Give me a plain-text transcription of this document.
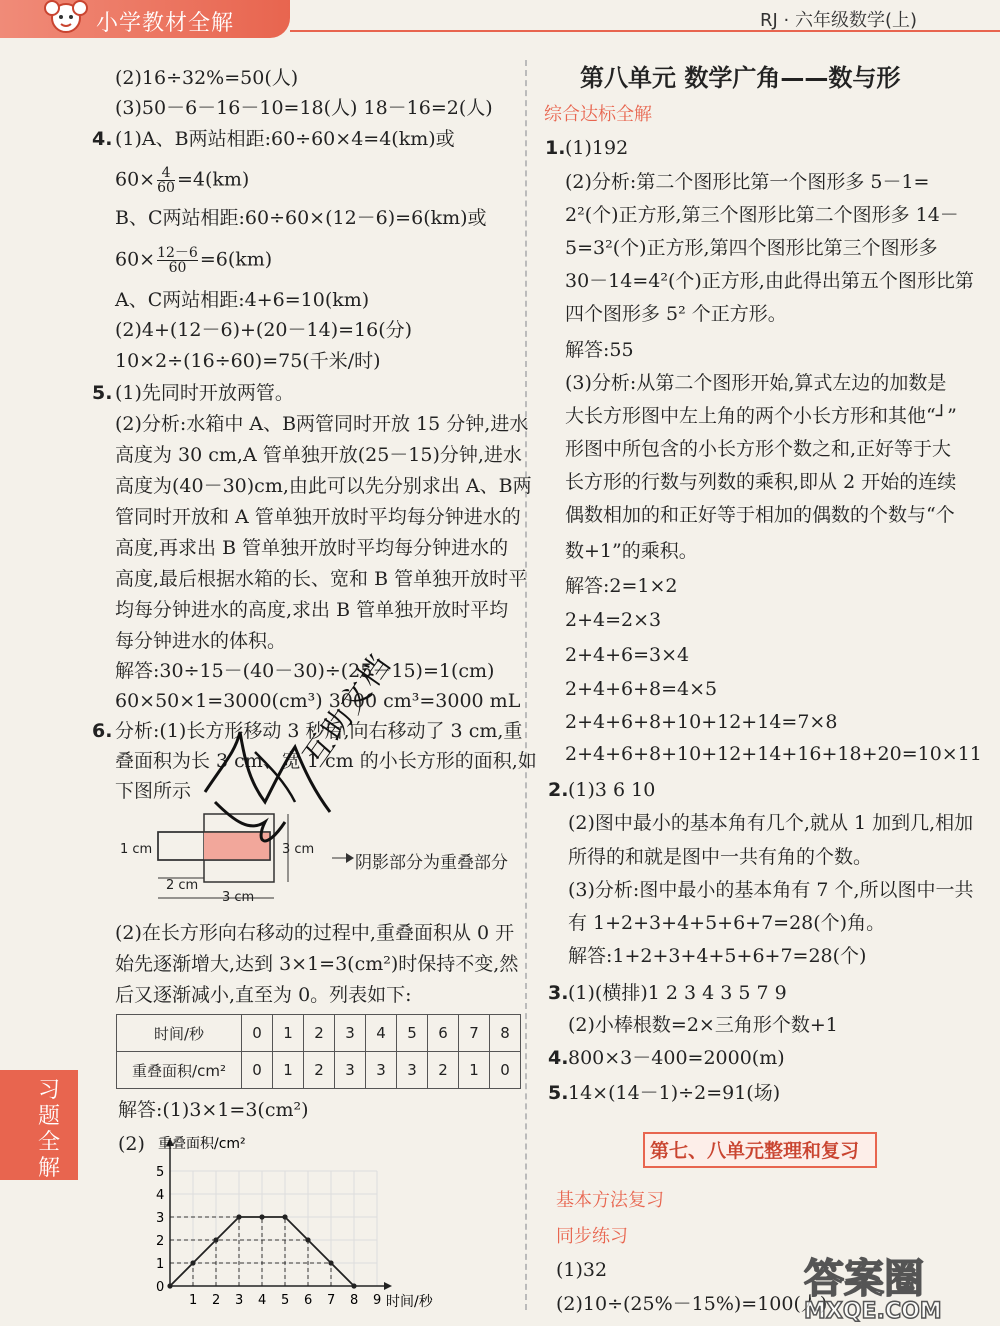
小学教材全解	RJ · 六年级数学(上)
(2)16÷32%=50(人)
(3)50－6－16－10=18(人) 18－16=2(人)
4. (1)A、B两站相距:60÷60×4=4(km)或
$60\times \frac{4}{60} =4(km)$
B、C两站相距:60÷60×(12－6)=6(km)或
$60\times \frac{12-6}{60} =6(km)$
A、C两站相距:4+6=10(km)
(2)4+(12－6)+(20－14)=16(分)
10×2÷(16÷60)=75(千米/时)
5. (1)先同时开放两管。
(2)分析:水箱中 A、B两管同时开放 15 分钟,进水
高度为 30 cm,A 管单独开放(25－15)分钟,进水
高度为(40－30)cm,由此可以先分别求出 A、B两
管同时开放和 A 管单独开放时平均每分钟进水的
高度,再求出 B 管单独开放时平均每分钟进水的
高度,最后根据水箱的长、宽和 B 管单独开放时平
均每分钟进水的高度,求出 B 管单独开放时平均
每分钟进水的体积。
解答:30÷15－(40－30)÷(25－15)=1(cm)
60×50×1=3000(cm³) 3000 cm³=3000 mL
6. 分析:(1)长方形移动 3 秒后,向右移动了 3 cm,重
叠面积为长 3 cm、宽 1 cm 的小长方形的面积,如
下图所示
1 cm
2 cm
3 cm
3 cm
阴影部分为重叠部分
互助文档
(2)在长方形向右移动的过程中,重叠面积从 0 开
始先逐渐增大,达到 3×1=3(cm²)时保持不变,然
后又逐渐减小,直至为 0。列表如下:
时间/秒	0	1	2	3	4	5	6	7	8
重叠面积/cm²	0	1	2	3	3	3	2	1	0
解答:(1)3×1=3(cm²)
(2)
1 2 3 4 5 6 7 8 9
0
1
2
3
4
5
重叠面积/cm²
时间/秒
习题全解
第八单元 数学广角——数与形
综合达标全解
1. (1)192
(2)分析:第二个图形比第一个图形多 5－1=
2²(个)正方形,第三个图形比第二个图形多 14－
5=3²(个)正方形,第四个图形比第三个图形多
30－14=4²(个)正方形,由此得出第五个图形比第
四个图形多 5² 个正方形。
解答:55
(3)分析:从第二个图形开始,算式左边的加数是
大长方形图中左上角的两个小长方形和其他“┘”
形图中所包含的小长方形个数之和,正好等于大
长方形的行数与列数的乘积,即从 2 开始的连续
偶数相加的和正好等于相加的偶数的个数与“个
数+1”的乘积。
解答:2=1×2
2+4=2×3
2+4+6=3×4
2+4+6+8=4×5
2+4+6+8+10+12+14=7×8
2+4+6+8+10+12+14+16+18+20=10×11
2. (1)3 6 10
(2)图中最小的基本角有几个,就从 1 加到几,相加
所得的和就是图中一共有角的个数。
(3)分析:图中最小的基本角有 7 个,所以图中一共
有 1+2+3+4+5+6+7=28(个)角。
解答:1+2+3+4+5+6+7=28(个)
3. (1)(横排)1 2 3 4 3 5 7 9
(2)小棒根数=2×三角形个数+1
4. 800×3－400=2000(m)
5. 14×(14－1)÷2=91(场)
第七、八单元整理和复习
基本方法复习
同步练习
(1)32
(2)10÷(25%－15%)=100(人)
答案圈
MXQE.COM
